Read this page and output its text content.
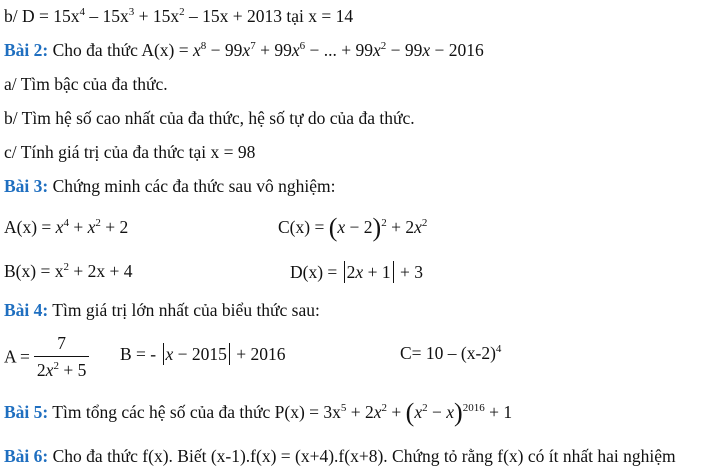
b/ $D = 15x^4 - 15x^3 + 15x^2 - 15x + 2013$ tại x = 14
Bài 2: Cho đa thức $A(x) = x^8 - 99x^7 + 99x^6$ − ... + $99x^2 - 99x - 2016$
a/ Tìm bậc của đa thức.
b/ Tìm hệ số cao nhất của đa thức, hệ số tự do của đa thức.
c/ Tính giá trị của đa thức tại x = 98
Bài 3: Chứng minh các đa thức sau vô nghiệm:
$A(x) = x^4 + x^2 + 2$	$C(x) = (x - 2)^2 + 2x^2$
$B(x) = x^2 + 2x + 4$	D(x) = 2x + 1 + 3
Bài 4: Tìm giá trị lớn nhất của biểu thức sau:
$A = \frac{7}{2x^2 + 5}$ B = - x − 2015 + 2016	$C= 10 - (x-2)^4$
Bài 5: Tìm tổng các hệ số của đa thức $P(x) = 3x^5 + 2x^2 + (x^2 - x)^{2016} + 1$
Bài 6: Cho đa thức f(x). Biết (x-1).f(x) = (x+4).f(x+8). Chứng tỏ rằng f(x) có ít nhất hai nghiệm
